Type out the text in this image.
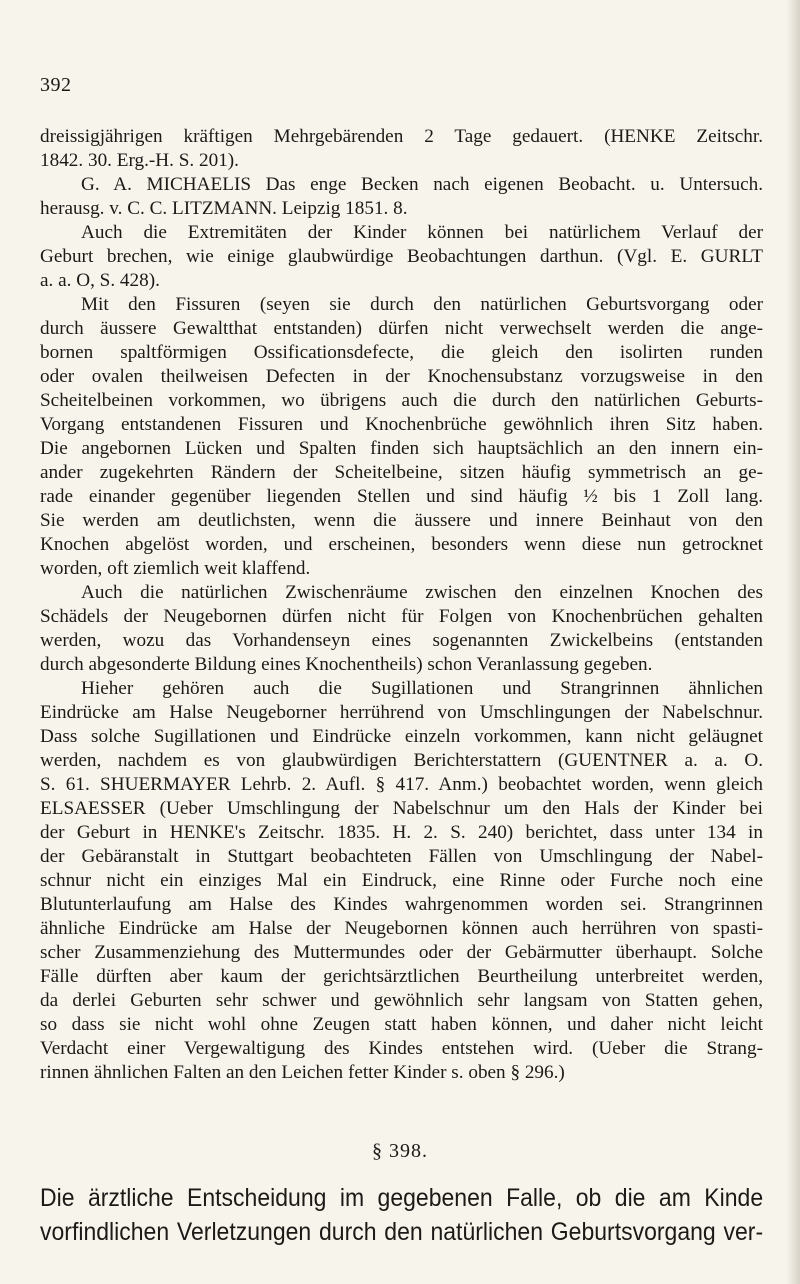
392
dreissigjährigen kräftigen Mehrgebärenden 2 Tage gedauert. (HENKE Zeitschr.
1842. 30. Erg.-H. S. 201).
G. A. MICHAELIS Das enge Becken nach eigenen Beobacht. u. Untersuch.
herausg. v. C. C. LITZMANN. Leipzig 1851. 8.
Auch die Extremitäten der Kinder können bei natürlichem Verlauf der
Geburt brechen, wie einige glaubwürdige Beobachtungen darthun. (Vgl. E. GURLT
a. a. O, S. 428).
Mit den Fissuren (seyen sie durch den natürlichen Geburtsvorgang oder
durch äussere Gewaltthat entstanden) dürfen nicht verwechselt werden die ange-
bornen spaltförmigen Ossificationsdefecte, die gleich den isolirten runden
oder ovalen theilweisen Defecten in der Knochensubstanz vorzugsweise in den
Scheitelbeinen vorkommen, wo übrigens auch die durch den natürlichen Geburts-
Vorgang entstandenen Fissuren und Knochenbrüche gewöhnlich ihren Sitz haben.
Die angebornen Lücken und Spalten finden sich hauptsächlich an den innern ein-
ander zugekehrten Rändern der Scheitelbeine, sitzen häufig symmetrisch an ge-
rade einander gegenüber liegenden Stellen und sind häufig ½ bis 1 Zoll lang.
Sie werden am deutlichsten, wenn die äussere und innere Beinhaut von den
Knochen abgelöst worden, und erscheinen, besonders wenn diese nun getrocknet
worden, oft ziemlich weit klaffend.
Auch die natürlichen Zwischenräume zwischen den einzelnen Knochen des
Schädels der Neugebornen dürfen nicht für Folgen von Knochenbrüchen gehalten
werden, wozu das Vorhandenseyn eines sogenannten Zwickelbeins (entstanden
durch abgesonderte Bildung eines Knochentheils) schon Veranlassung gegeben.
Hieher gehören auch die Sugillationen und Strangrinnen ähnlichen
Eindrücke am Halse Neugeborner herrührend von Umschlingungen der Nabelschnur.
Dass solche Sugillationen und Eindrücke einzeln vorkommen, kann nicht geläugnet
werden, nachdem es von glaubwürdigen Berichterstattern (GUENTNER a. a. O.
S. 61. SHUERMAYER Lehrb. 2. Aufl. § 417. Anm.) beobachtet worden, wenn gleich
ELSAESSER (Ueber Umschlingung der Nabelschnur um den Hals der Kinder bei
der Geburt in HENKE's Zeitschr. 1835. H. 2. S. 240) berichtet, dass unter 134 in
der Gebäranstalt in Stuttgart beobachteten Fällen von Umschlingung der Nabel-
schnur nicht ein einziges Mal ein Eindruck, eine Rinne oder Furche noch eine
Blutunterlaufung am Halse des Kindes wahrgenommen worden sei. Strangrinnen
ähnliche Eindrücke am Halse der Neugebornen können auch herrühren von spasti-
scher Zusammenziehung des Muttermundes oder der Gebärmutter überhaupt. Solche
Fälle dürften aber kaum der gerichtsärztlichen Beurtheilung unterbreitet werden,
da derlei Geburten sehr schwer und gewöhnlich sehr langsam von Statten gehen,
so dass sie nicht wohl ohne Zeugen statt haben können, und daher nicht leicht
Verdacht einer Vergewaltigung des Kindes entstehen wird. (Ueber die Strang-
rinnen ähnlichen Falten an den Leichen fetter Kinder s. oben § 296.)
§ 398.
Die ärztliche Entscheidung im gegebenen Falle, ob die am Kinde
vorfindlichen Verletzungen durch den natürlichen Geburtsvorgang ver-
